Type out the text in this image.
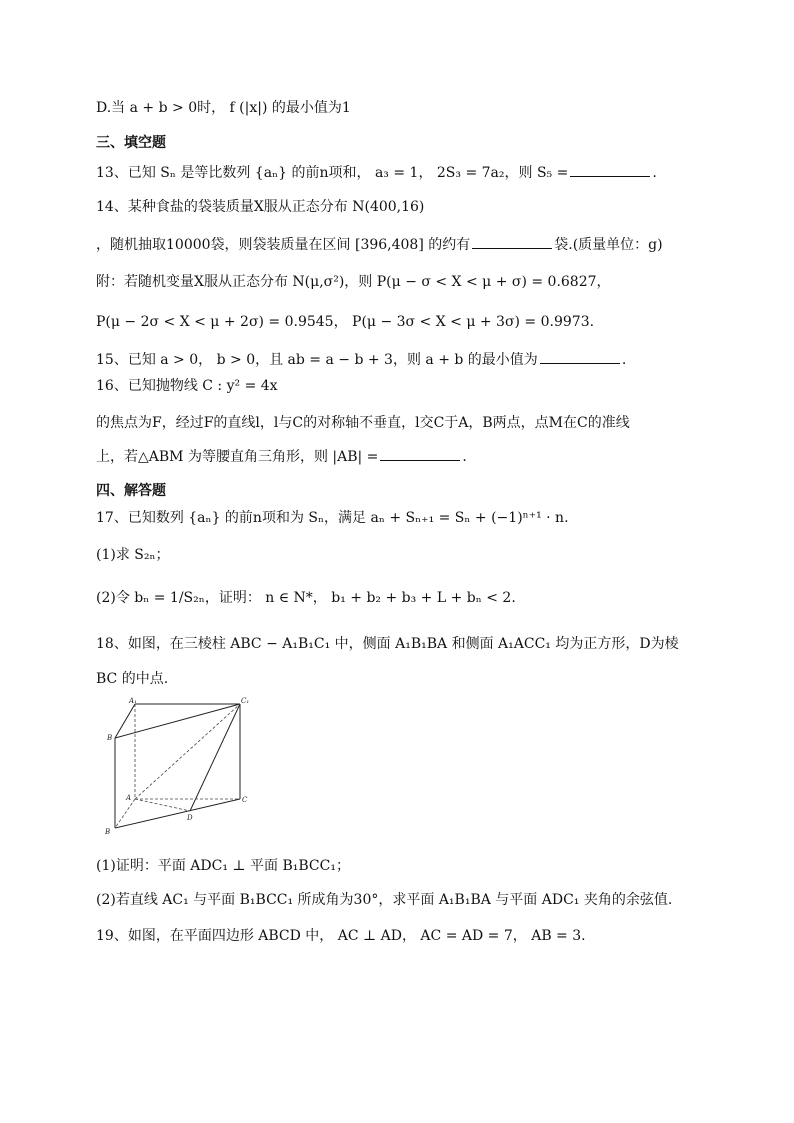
D.当 a + b > 0时， f (|x|) 的最小值为1
三、填空题
13、已知 Sₙ 是等比数列 {aₙ} 的前n项和， a₃ = 1， 2S₃ = 7a₂，则 S₅ =	.
14、某种食盐的袋装质量X服从正态分布 N(400,16)
，随机抽取10000袋，则袋装质量在区间 [396,408] 的约有	袋.(质量单位：g)
附：若随机变量X服从正态分布 N(μ,σ²)，则 P(μ − σ < X < μ + σ) = 0.6827，
P(μ − 2σ < X < μ + 2σ) = 0.9545， P(μ − 3σ < X < μ + 3σ) = 0.9973.
15、已知 a > 0， b > 0，且 ab = a − b + 3，则 a + b 的最小值为	.
16、已知抛物线 C : y² = 4x
的焦点为F，经过F的直线l，l与C的对称轴不垂直，l交C于A，B两点，点M在C的准线
上，若△ABM 为等腰直角三角形，则 |AB| =	.
四、解答题
17、已知数列 {aₙ} 的前n项和为 Sₙ，满足 aₙ + Sₙ₊₁ = Sₙ + (−1)ⁿ⁺¹ · n.
(1)求 S₂ₙ；
(2)令 bₙ = 1/S₂ₙ，证明： n ∈ N*， b₁ + b₂ + b₃ + L + bₙ < 2.
18、如图，在三棱柱 ABC − A₁B₁C₁ 中，侧面 A₁B₁BA 和侧面 A₁ACC₁ 均为正方形，D为棱
BC 的中点.
A₁	C₁
B
A	C
D
B
(1)证明：平面 ADC₁ ⊥ 平面 B₁BCC₁；
(2)若直线 AC₁ 与平面 B₁BCC₁ 所成角为30°，求平面 A₁B₁BA 与平面 ADC₁ 夹角的余弦值.
19、如图，在平面四边形 ABCD 中， AC ⊥ AD， AC = AD = 7， AB = 3.
